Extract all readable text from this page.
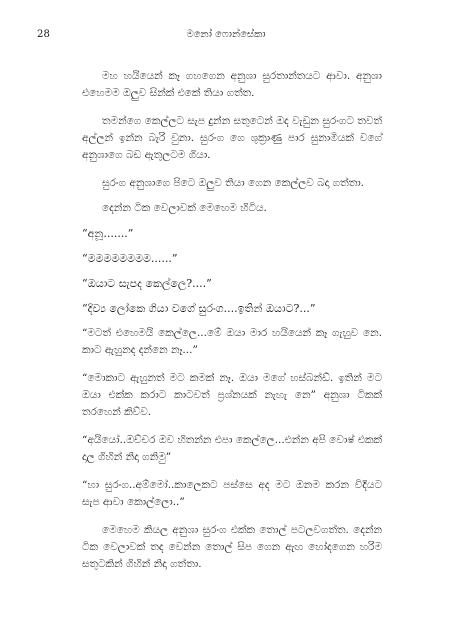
28	මනෝ ෆොන්සේකා

මහ හයියෙන් කෑ ගහගෙන අනුශා සුරතාන්තයට ආවා. අනුශා එහෙමම ඔලුව සින්ක් එකේ තියා ගත්ත.

තමන්ගෙ කෙල්ලට සැප දුන්න සතුටෙන් ඔද වැඩුන සුරංගට තවත් අල්ලන් ඉන්න බැරි වුනා. සුරංග ගෙ ශුක්‍රාණු පාර සුනාමියක් වගේ අනුශාගෙ බඩ ඇතුලටම ගියා.

සුරංග අනුශාගෙ පිටෙ ඔලුව තියා ගෙන කෙල්ලව බදා ගත්තා.

දෙන්න ටික වෙලාවක් මෙහෙම හිටිය.

“අනූ.......”

“මමමමමමමම......”

“ඔයාට සැපද කෙල්ලෙ?....”

“දිව්‍ය ලෝකෙ ගියා වගේ සුරංග....ඉතින් ඔයාට?...”

“මටත් එහෙමයි කෙල්ලෙ...මේ ඔයා මාර හයියෙන් කෑ ගැහුව නෙ. කාට ඇහුනද දන්නෙ නෑ...”

“මොකාට ඇහුනත් මට කමක් නෑ. ඔයා මගේ හස්බන්ඩ්. ඉතින් මට ඔයා එක්ක කරාට කාටවත් ප්‍රශ්නයක් නැහැ නෙ” අනුශා ටිකක් තරහෙන් කිව්ව.

“අයියෝ..ඔච්චර ඔව හිතන්න එපා කෙල්ලෙ...එන්න අපි වොෂ් එකක් දාල ගිහින් නිදා ගනිමු”

“හා සුරංග..අම්මෝ..කාලෙකට පස්සෙ අද මට ඔනම කරන විදියට සැප ආවා කොල්ලො..”

මෙහෙම කියල අනුශා සුරංග එක්ක තොල් පටලවගත්ත. දෙන්න ටික වෙලාවක් තද වෙන්න තොල් සිප ගෙන ඇඟ හෝදගෙන හරිම සතුටකින් ගිහින් නිදා ගත්තා.
